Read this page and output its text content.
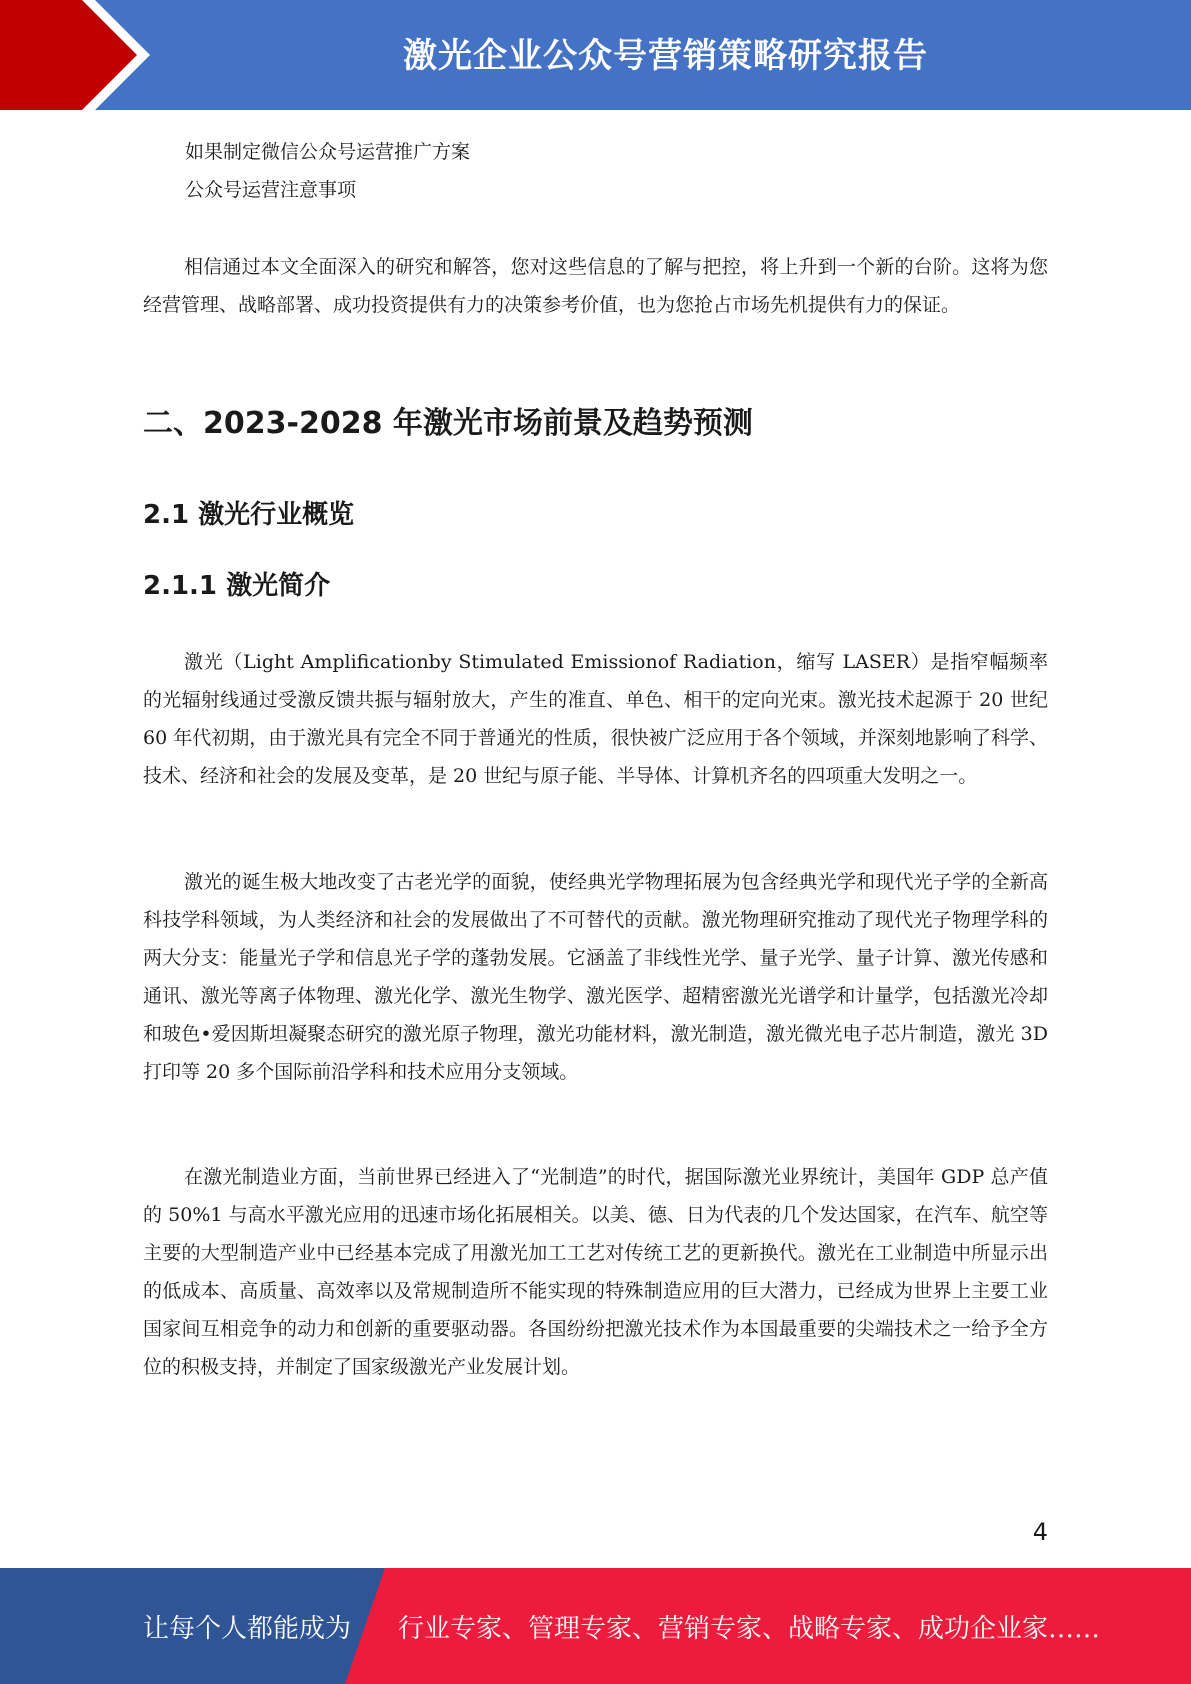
激光企业公众号营销策略研究报告
如果制定微信公众号运营推广方案
公众号运营注意事项

相信通过本文全面深入的研究和解答，您对这些信息的了解与把控，将上升到一个新的台阶。这将为您经营管理、战略部署、成功投资提供有力的决策参考价值，也为您抢占市场先机提供有力的保证。

二、2023-2028 年激光市场前景及趋势预测
2.1 激光行业概览
2.1.1 激光简介

激光（Light Amplificationby Stimulated Emissionof Radiation，缩写 LASER）是指窄幅频率的光辐射线通过受激反馈共振与辐射放大，产生的准直、单色、相干的定向光束。激光技术起源于 20 世纪 60 年代初期，由于激光具有完全不同于普通光的性质，很快被广泛应用于各个领域，并深刻地影响了科学、技术、经济和社会的发展及变革，是 20 世纪与原子能、半导体、计算机齐名的四项重大发明之一。

激光的诞生极大地改变了古老光学的面貌，使经典光学物理拓展为包含经典光学和现代光子学的全新高科技学科领域，为人类经济和社会的发展做出了不可替代的贡献。激光物理研究推动了现代光子物理学科的两大分支：能量光子学和信息光子学的蓬勃发展。它涵盖了非线性光学、量子光学、量子计算、激光传感和通讯、激光等离子体物理、激光化学、激光生物学、激光医学、超精密激光光谱学和计量学，包括激光冷却和玻色•爱因斯坦凝聚态研究的激光原子物理，激光功能材料，激光制造，激光微光电子芯片制造，激光 3D 打印等 20 多个国际前沿学科和技术应用分支领域。

在激光制造业方面，当前世界已经进入了“光制造”的时代，据国际激光业界统计，美国年 GDP 总产值的 50%1 与高水平激光应用的迅速市场化拓展相关。以美、德、日为代表的几个发达国家，在汽车、航空等主要的大型制造产业中已经基本完成了用激光加工工艺对传统工艺的更新换代。激光在工业制造中所显示出的低成本、高质量、高效率以及常规制造所不能实现的特殊制造应用的巨大潜力，已经成为世界上主要工业国家间互相竞争的动力和创新的重要驱动器。各国纷纷把激光技术作为本国最重要的尖端技术之一给予全方位的积极支持，并制定了国家级激光产业发展计划。

4
让每个人都能成为 行业专家、管理专家、营销专家、战略专家、成功企业家……
